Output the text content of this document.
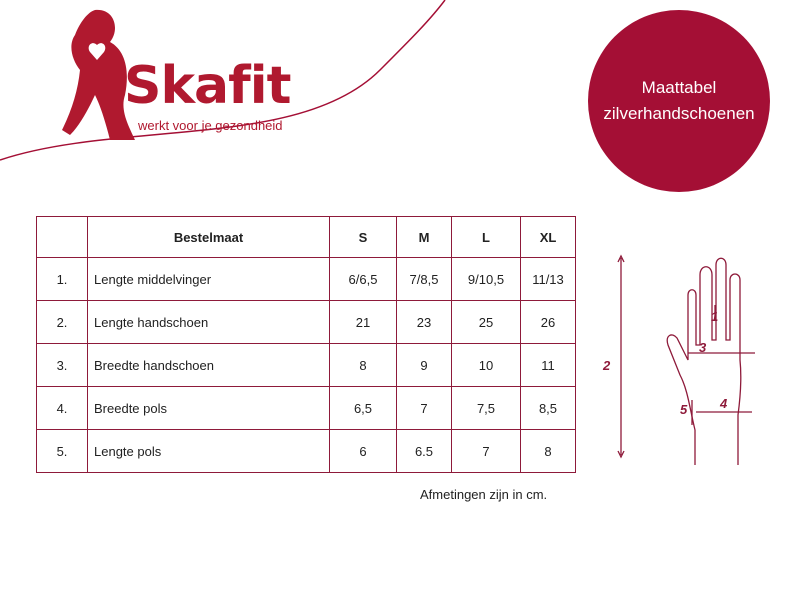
Skafit
werkt voor je gezondheid
Maattabel
zilverhandschoenen
	Bestelmaat	S	M	L	XL
1.	Lengte middelvinger	6/6,5	7/8,5	9/10,5	11/13
2.	Lengte handschoen	21	23	25	26
3.	Breedte handschoen	8	9	10	11
4.	Breedte pols	6,5	7	7,5	8,5
5.	Lengte pols	6	6.5	7	8
Afmetingen zijn in cm.
1
2
3
4
5
